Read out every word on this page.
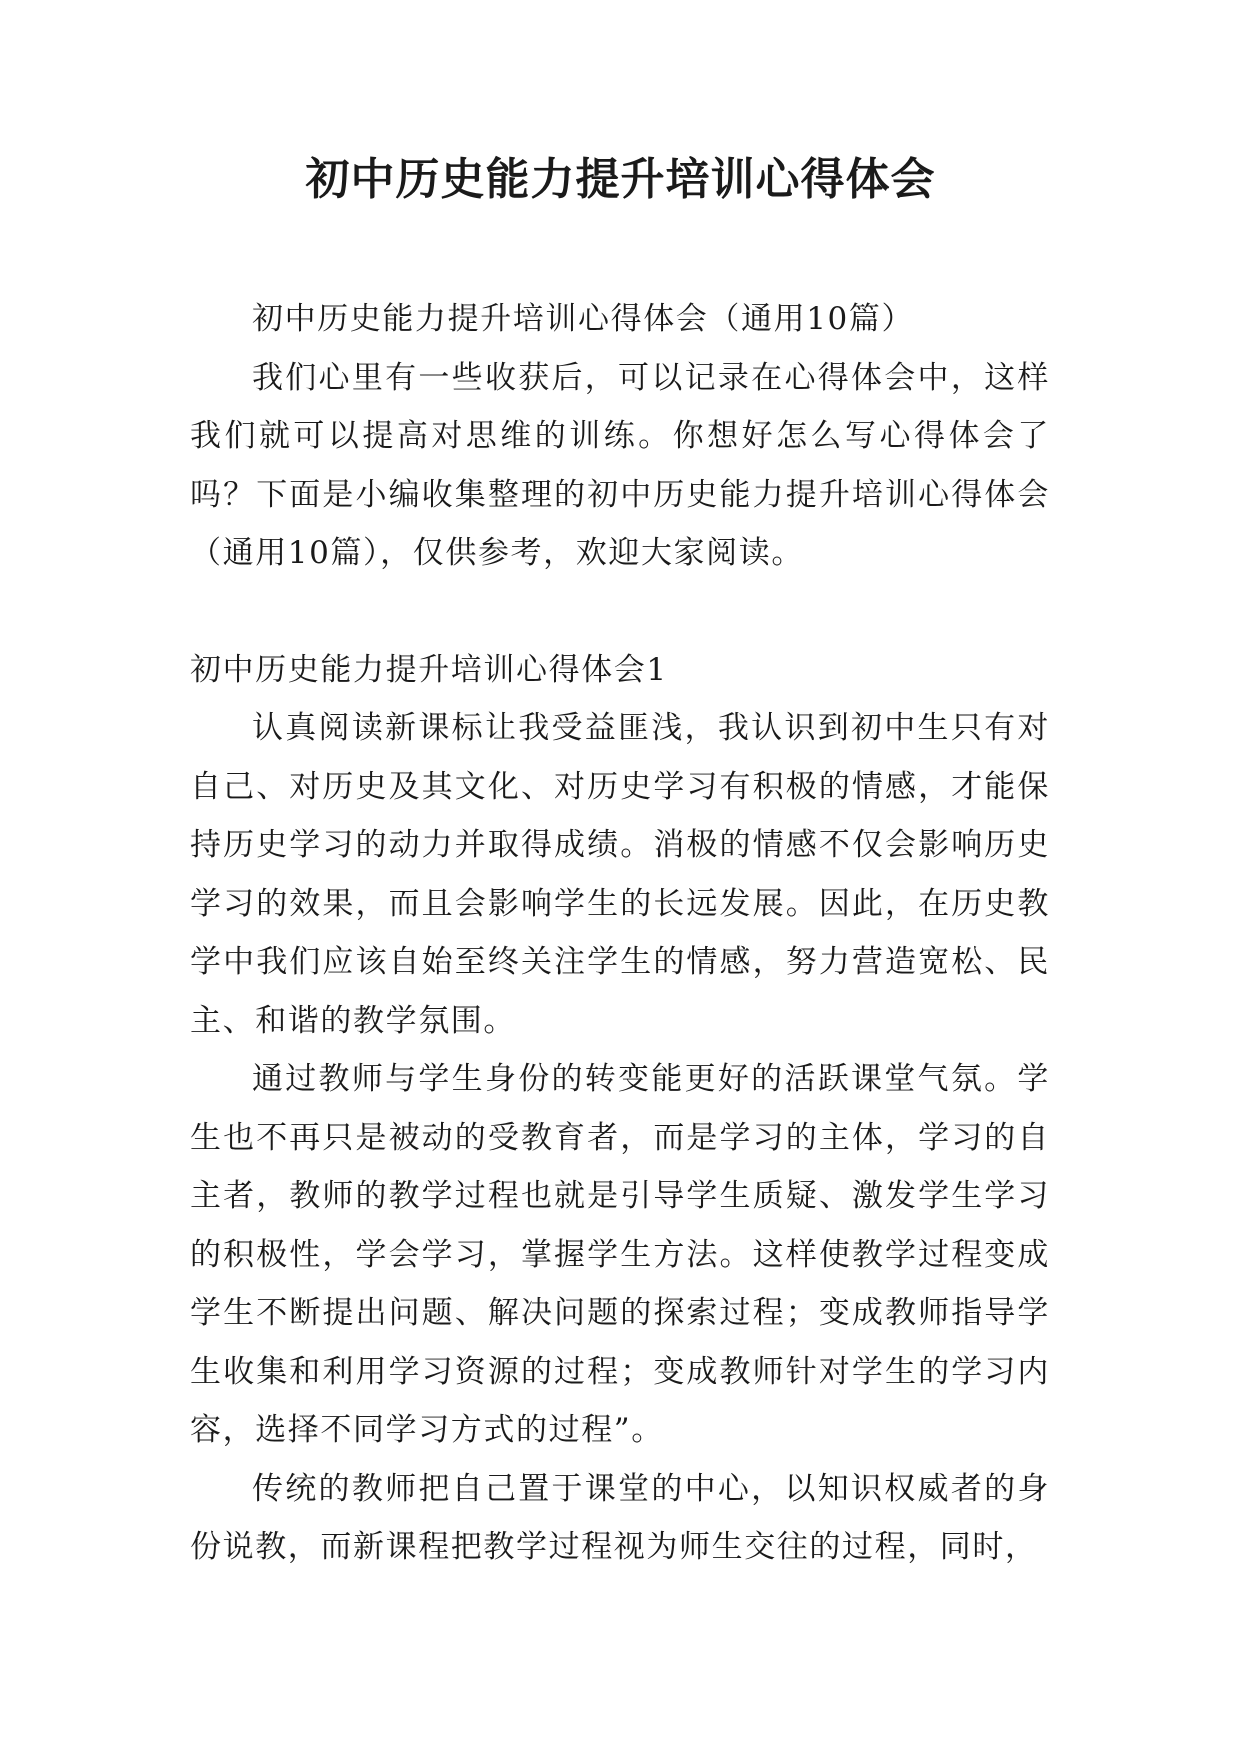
初中历史能力提升培训心得体会

初中历史能力提升培训心得体会（通用10篇）

我们心里有一些收获后，可以记录在心得体会中，这样我们就可以提高对思维的训练。你想好怎么写心得体会了吗？下面是小编收集整理的初中历史能力提升培训心得体会（通用10篇），仅供参考，欢迎大家阅读。

初中历史能力提升培训心得体会1

认真阅读新课标让我受益匪浅，我认识到初中生只有对自己、对历史及其文化、对历史学习有积极的情感，才能保持历史学习的动力并取得成绩。消极的情感不仅会影响历史学习的效果，而且会影响学生的长远发展。因此，在历史教学中我们应该自始至终关注学生的情感，努力营造宽松、民主、和谐的教学氛围。

通过教师与学生身份的转变能更好的活跃课堂气氛。学生也不再只是被动的受教育者，而是学习的主体，学习的自主者，教师的教学过程也就是引导学生质疑、激发学生学习的积极性，学会学习，掌握学生方法。这样使教学过程变成学生不断提出问题、解决问题的探索过程；变成教师指导学生收集和利用学习资源的过程；变成教师针对学生的学习内容，选择不同学习方式的过程”。

传统的教师把自己置于课堂的中心，以知识权威者的身份说教，而新课程把教学过程视为师生交往的过程，同时，
